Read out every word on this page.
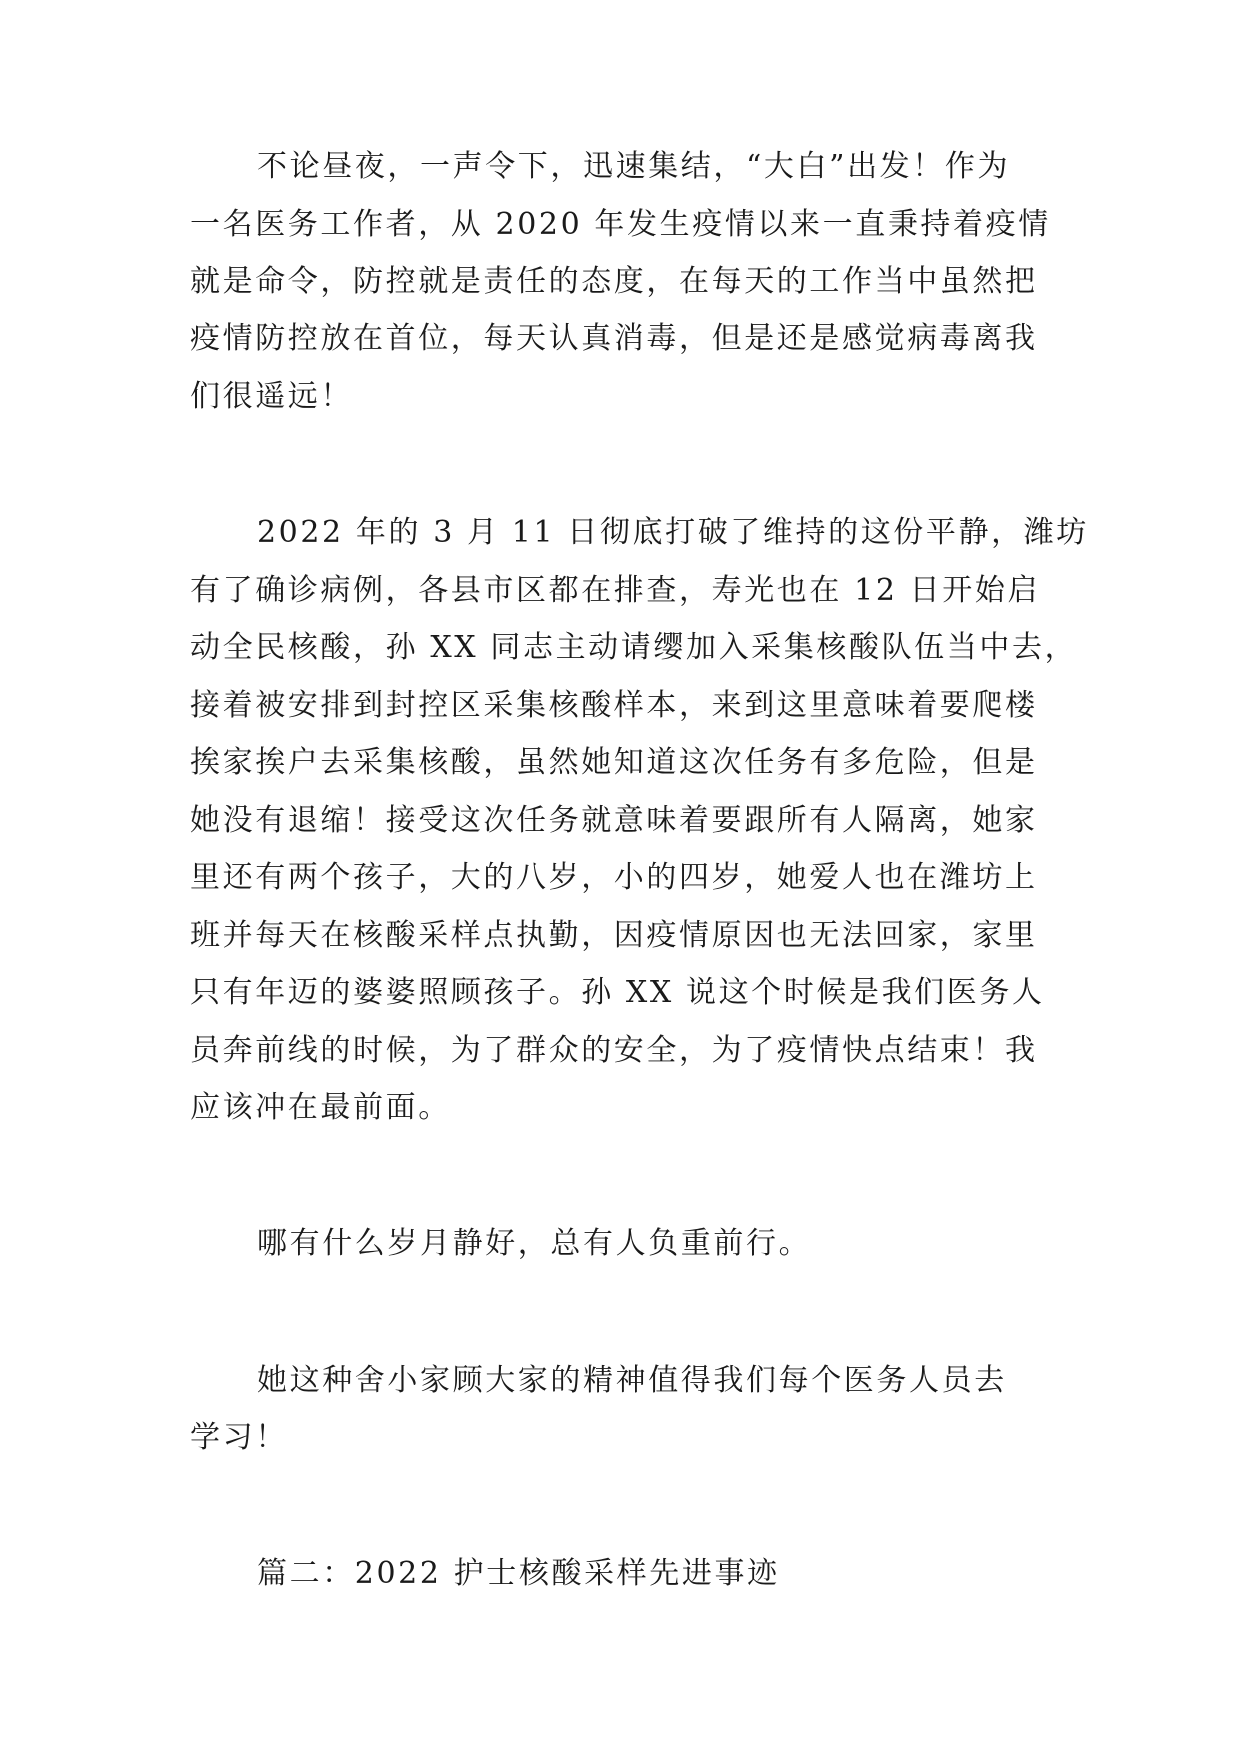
不论昼夜，一声令下，迅速集结，“大白”出发！作为
一名医务工作者，从 2020 年发生疫情以来一直秉持着疫情
就是命令，防控就是责任的态度，在每天的工作当中虽然把
疫情防控放在首位，每天认真消毒，但是还是感觉病毒离我
们很遥远！
2022 年的 3 月 11 日彻底打破了维持的这份平静，潍坊
有了确诊病例，各县市区都在排查，寿光也在 12 日开始启
动全民核酸，孙 XX 同志主动请缨加入采集核酸队伍当中去，
接着被安排到封控区采集核酸样本，来到这里意味着要爬楼
挨家挨户去采集核酸，虽然她知道这次任务有多危险，但是
她没有退缩！接受这次任务就意味着要跟所有人隔离，她家
里还有两个孩子，大的八岁，小的四岁，她爱人也在潍坊上
班并每天在核酸采样点执勤，因疫情原因也无法回家，家里
只有年迈的婆婆照顾孩子。孙 XX 说这个时候是我们医务人
员奔前线的时候，为了群众的安全，为了疫情快点结束！我
应该冲在最前面。
哪有什么岁月静好，总有人负重前行。
她这种舍小家顾大家的精神值得我们每个医务人员去
学习！
篇二：2022 护士核酸采样先进事迹
